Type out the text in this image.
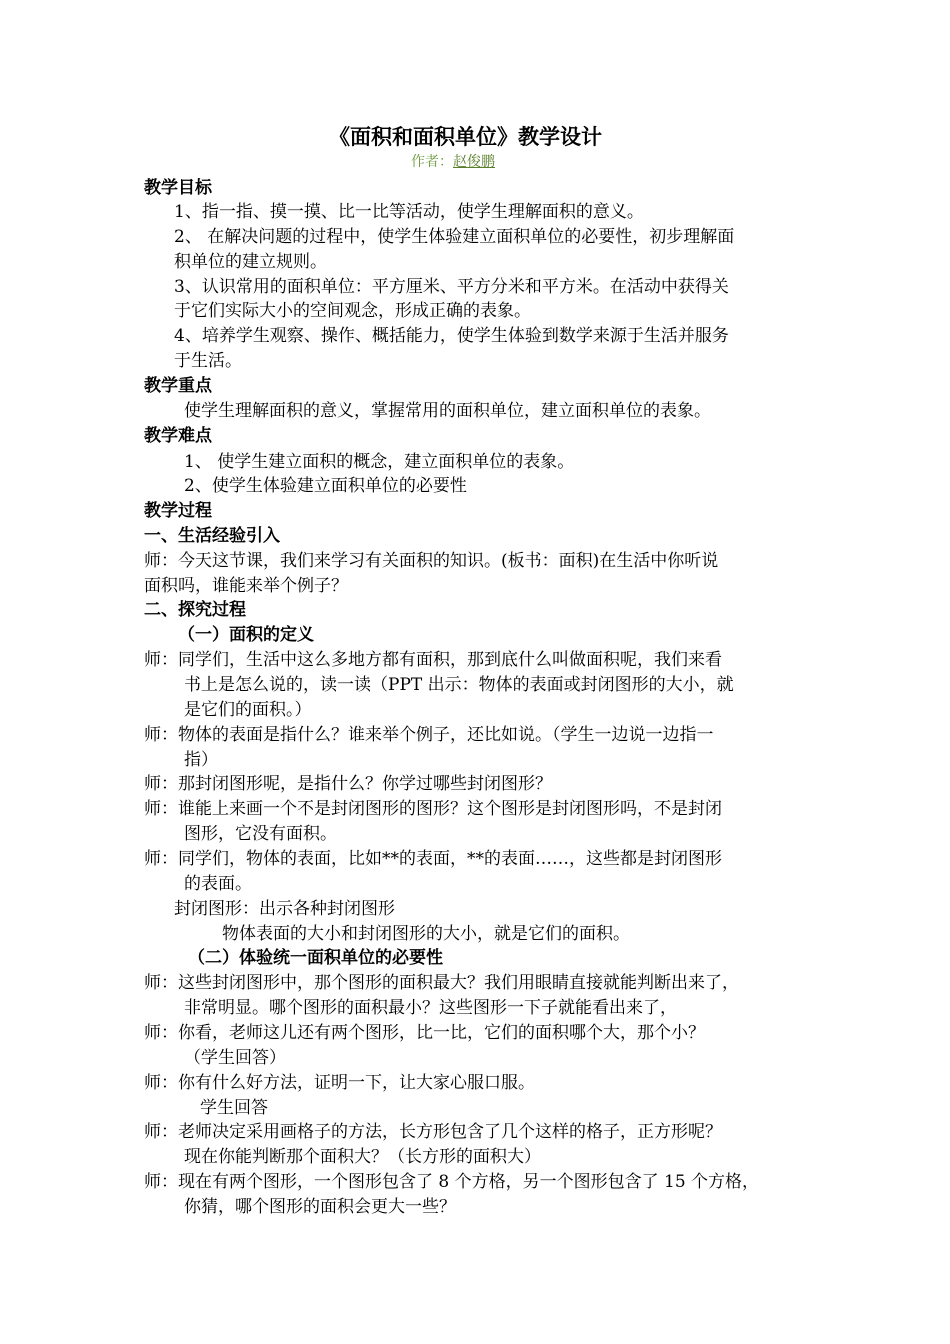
《面积和面积单位》教学设计
作者：赵俊鹏
教学目标
1、指一指、摸一摸、比一比等活动，使学生理解面积的意义。
2、 在解决问题的过程中，使学生体验建立面积单位的必要性，初步理解面
积单位的建立规则。
3、认识常用的面积单位：平方厘米、平方分米和平方米。在活动中获得关
于它们实际大小的空间观念，形成正确的表象。
4、培养学生观察、操作、概括能力，使学生体验到数学来源于生活并服务
于生活。
教学重点
使学生理解面积的意义，掌握常用的面积单位，建立面积单位的表象。
教学难点
1、 使学生建立面积的概念，建立面积单位的表象。
2、使学生体验建立面积单位的必要性
教学过程
一、生活经验引入
师：今天这节课，我们来学习有关面积的知识。(板书：面积)在生活中你听说
面积吗，谁能来举个例子？
二、探究过程
（一）面积的定义
师：同学们，生活中这么多地方都有面积，那到底什么叫做面积呢，我们来看
书上是怎么说的，读一读（PPT 出示：物体的表面或封闭图形的大小，就
是它们的面积。）
师：物体的表面是指什么？谁来举个例子，还比如说。（学生一边说一边指一
指）
师：那封闭图形呢，是指什么？你学过哪些封闭图形？
师：谁能上来画一个不是封闭图形的图形？这个图形是封闭图形吗，不是封闭
图形，它没有面积。
师：同学们，物体的表面，比如**的表面，**的表面……，这些都是封闭图形
的表面。
封闭图形：出示各种封闭图形
物体表面的大小和封闭图形的大小，就是它们的面积。
（二）体验统一面积单位的必要性
师：这些封闭图形中，那个图形的面积最大？我们用眼睛直接就能判断出来了，
非常明显。哪个图形的面积最小？这些图形一下子就能看出来了，
师：你看，老师这儿还有两个图形，比一比，它们的面积哪个大，那个小？
（学生回答）
师：你有什么好方法，证明一下，让大家心服口服。
学生回答
师：老师决定采用画格子的方法，长方形包含了几个这样的格子，正方形呢？
现在你能判断那个面积大？（长方形的面积大）
师：现在有两个图形，一个图形包含了 8 个方格，另一个图形包含了 15 个方格，
你猜，哪个图形的面积会更大一些？
